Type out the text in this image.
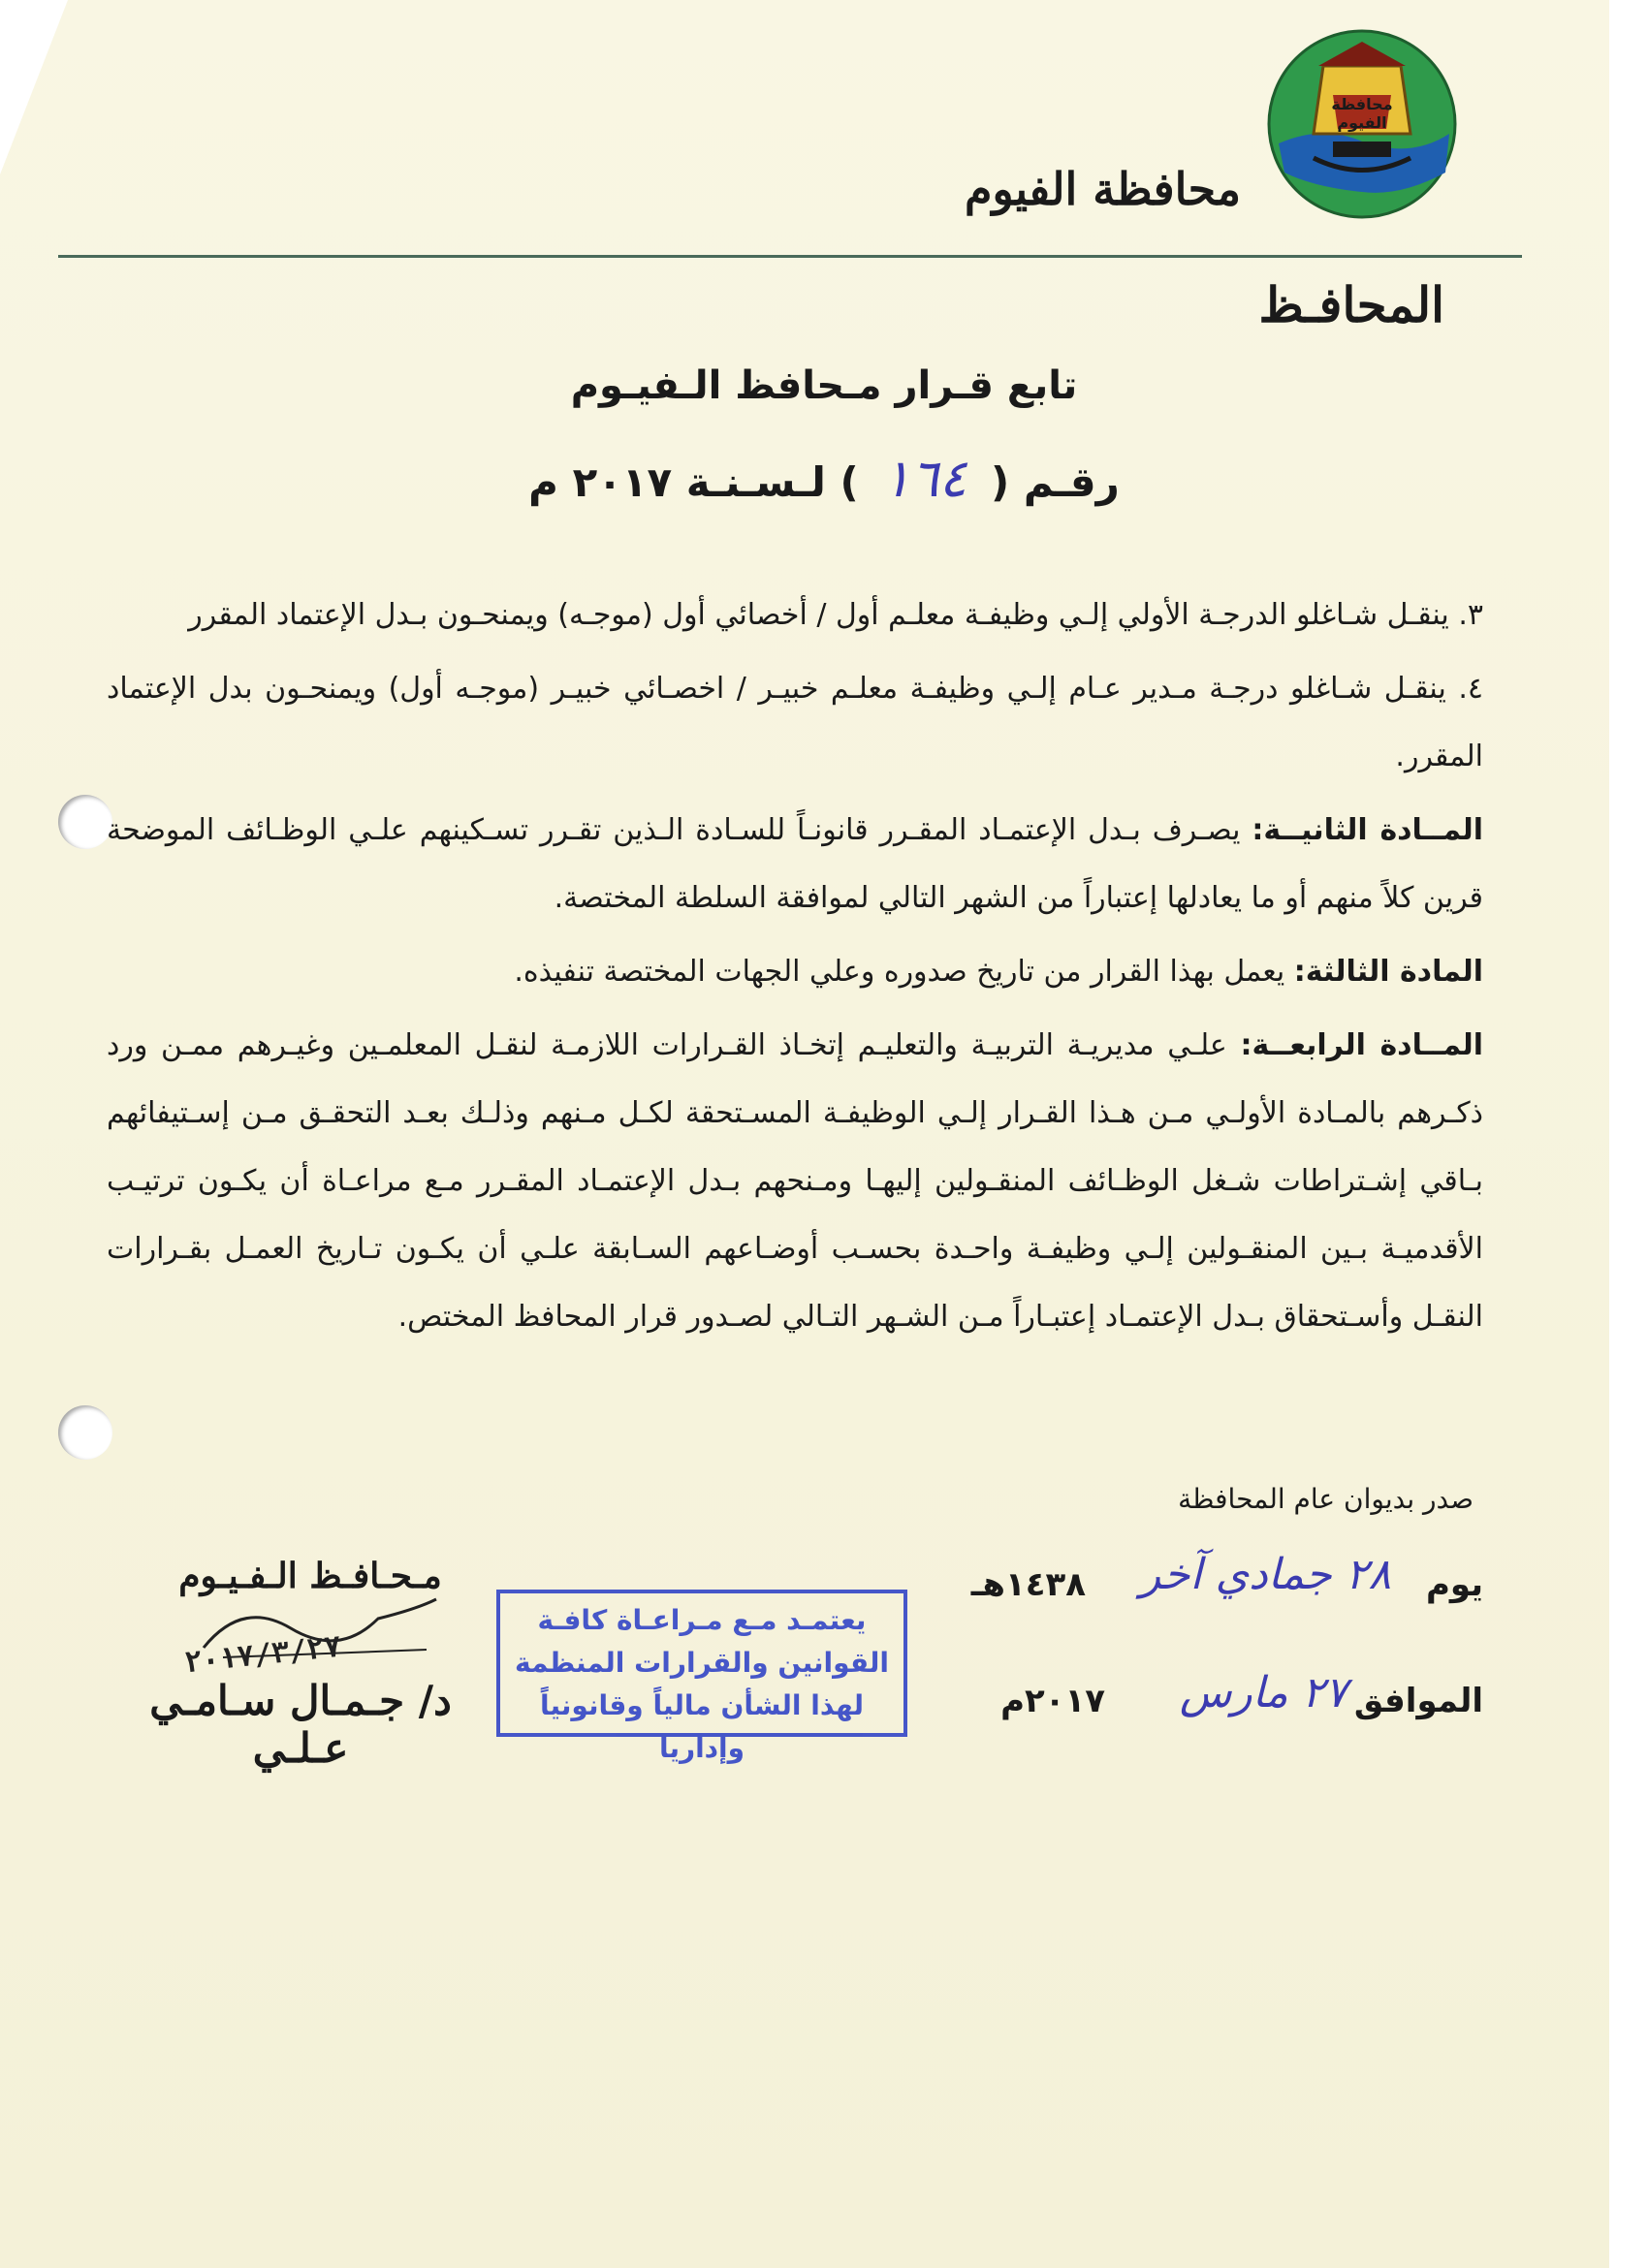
محافظة الفيوم
محافظة الفيوم
المحافـظ
تابع قـرار مـحافظ الـفيـوم
رقـم ( ١٦٤ ) لـسـنـة ٢٠١٧ م

٣. ينقـل شـاغلو الدرجـة الأولي إلـي وظيفـة معلـم أول / أخصائي أول (موجـه) ويمنحـون بـدل الإعتماد المقرر

٤. ينقـل شـاغلو درجـة مـدير عـام إلـي وظيفـة معلـم خبيـر / اخصـائي خبيـر (موجـه أول) ويمنحـون بدل الإعتماد المقرر.

المــادة الثانيــة: يصـرف بـدل الإعتمـاد المقـرر قانونـاً للسـادة الـذين تقـرر تسـكينهم علـي الوظـائف الموضحة قرين كلاً منهم أو ما يعادلها إعتباراً من الشهر التالي لموافقة السلطة المختصة.

المادة الثالثة: يعمل بهذا القرار من تاريخ صدوره وعلي الجهات المختصة تنفيذه.

المــادة الرابعــة: علـي مديريـة التربيـة والتعليـم إتخـاذ القـرارات اللازمـة لنقـل المعلمـين وغيـرهم ممـن ورد ذكـرهم بالمـادة الأولـي مـن هـذا القـرار إلـي الوظيفـة المسـتحقة لكـل مـنهم وذلـك بعـد التحقـق مـن إسـتيفائهم بـاقي إشـتراطات شـغل الوظـائف المنقـولين إليهـا ومـنحهم بـدل الإعتمـاد المقـرر مـع مراعـاة أن يكـون ترتيـب الأقدميـة بـين المنقـولين إلـي وظيفـة واحـدة بحسـب أوضـاعهم السـابقة علـي أن يكـون تـاريخ العمـل بقـرارات النقـل وأسـتحقاق بـدل الإعتمـاد إعتبـاراً مـن الشـهر التـالي لصـدور قرار المحافظ المختص.

صدر بديوان عام المحافظة
يوم
٢٨ جمادي آخر
١٤٣٨هـ
الموافق
٢٧ مارس
٢٠١٧م
يعتمـد مـع مـراعـاة كافـة
القوانين والقرارات المنظمة
لهذا الشأن مالياً وقانونياً وإداريا
مـحـافـظ الـفـيـوم
٢٠١٧/٣/٢٧
د/ جـمـال سـامـي عـلـي
